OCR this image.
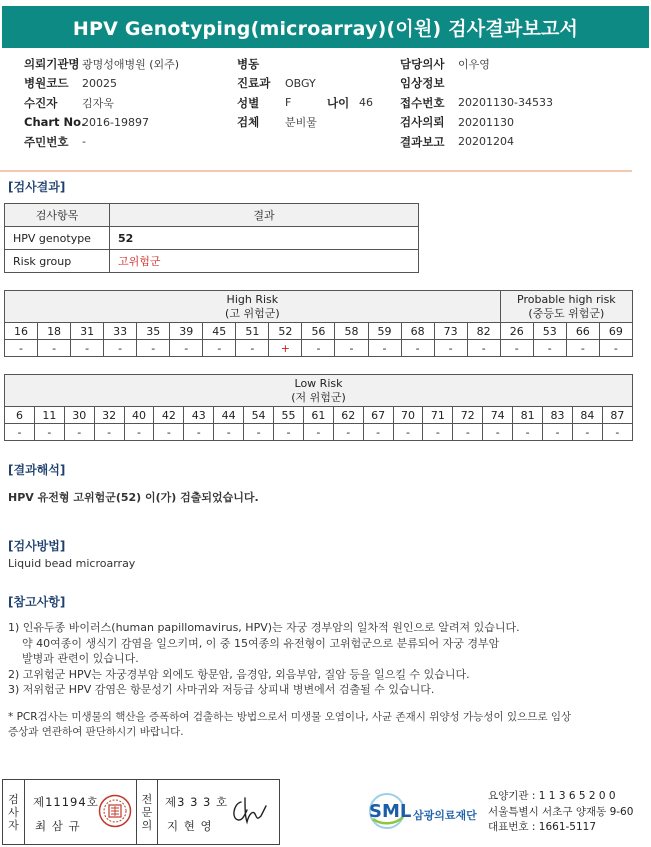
HPV Genotyping(microarray)(이원) 검사결과보고서
의뢰기관명 광명성애병원 (외주)
병원코드	20025
수진자	김자욱
Chart No.
2016-19897
주민번호	-
병동
진료과	OBGY
성별	F	나이 46
검체	분비물
담당의사	이우영
임상정보
접수번호	20201130-34533
검사의뢰	20201130
결과보고	20201204
[검사결과]
검사항목	결과
HPV genotype	52
Risk group	고위험군
High Risk
(고 위험군)															Probable high risk
(중등도 위험군)			
16	18	31	33	35	39	45	51	52	56	58	59	68	73	82	26	53	66	69
-	-	-	-	-	-	-	-	+	-	-	-	-	-	-	-	-	-	-
Low Risk
(저 위험군)																				
6	11	30	32	40	42	43	44	54	55	61	62	67	70	71	72	74	81	83	84	87
-	-	-	-	-	-	-	-	-	-	-	-	-	-	-	-	-	-	-	-	-
[결과해석]
HPV 유전형 고위험군(52) 이(가) 검출되었습니다.
[검사방법]
Liquid bead microarray
[참고사항]
1) 인유두종 바이러스(human papillomavirus, HPV)는 자궁 경부암의 일차적 원인으로 알려져 있습니다.
약 40여종이 생식기 감염을 일으키며, 이 중 15여종의 유전형이 고위험군으로 분류되어 자궁 경부암
발병과 관련이 있습니다.
2) 고위험군 HPV는 자궁경부암 외에도 항문암, 음경암, 외음부암, 질암 등을 일으킬 수 있습니다.
3) 저위험군 HPV 감염은 항문성기 사마귀와 저등급 상피내 병변에서 검출될 수 있습니다.
* PCR검사는 미생물의 핵산을 증폭하여 검출하는 방법으로서 미생물 오염이나, 사균 존재시 위양성 가능성이 있으므로 임상
증상과 연관하여 판단하시기 바랍니다.
검
사
자
제11194호
최 삼 규
전
문
의
제3 3 3 호
지 현 영
SML 삼광의료재단
요양기관 : 1 1 3 6 5 2 0 0
서울특별시 서초구 양재동 9-60
대표번호 : 1661-5117
